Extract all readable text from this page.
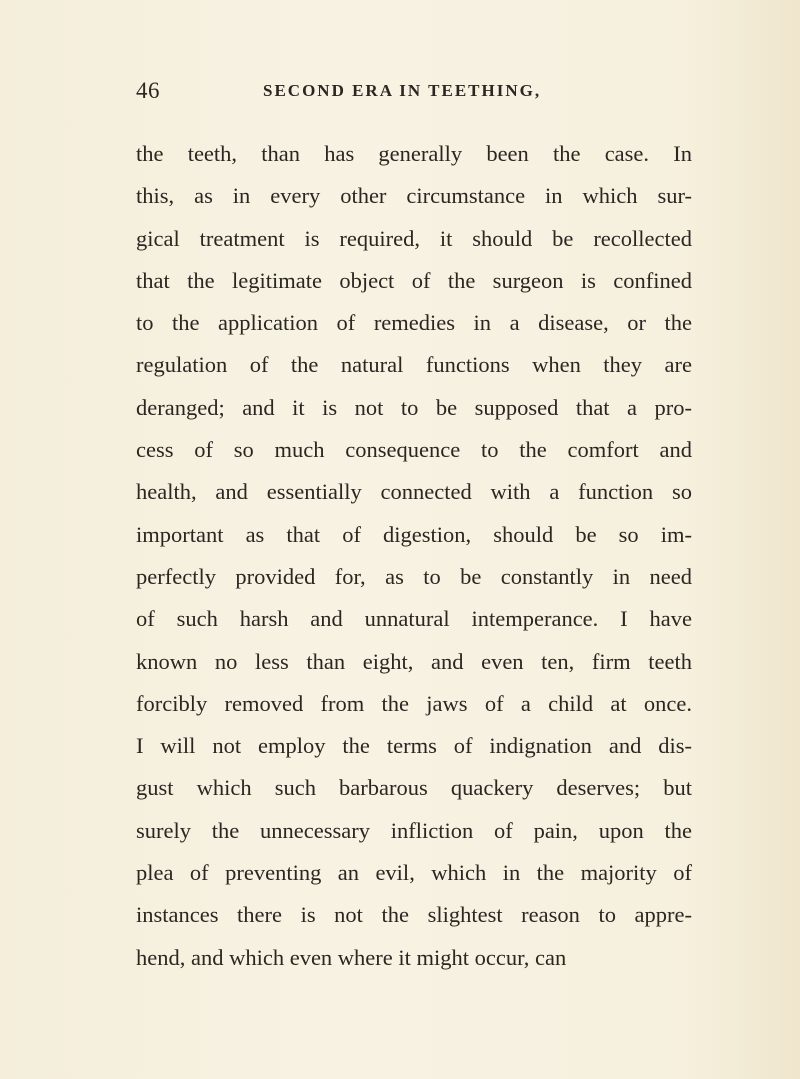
46	SECOND ERA IN TEETHING,
the teeth, than has generally been the case. In
this, as in every other circumstance in which sur-
gical treatment is required, it should be recollected
that the legitimate object of the surgeon is confined
to the application of remedies in a disease, or the
regulation of the natural functions when they are
deranged; and it is not to be supposed that a pro-
cess of so much consequence to the comfort and
health, and essentially connected with a function so
important as that of digestion, should be so im-
perfectly provided for, as to be constantly in need
of such harsh and unnatural intemperance. I have
known no less than eight, and even ten, firm teeth
forcibly removed from the jaws of a child at once.
I will not employ the terms of indignation and dis-
gust which such barbarous quackery deserves; but
surely the unnecessary infliction of pain, upon the
plea of preventing an evil, which in the majority of
instances there is not the slightest reason to appre-
hend, and which even where it might occur, can
